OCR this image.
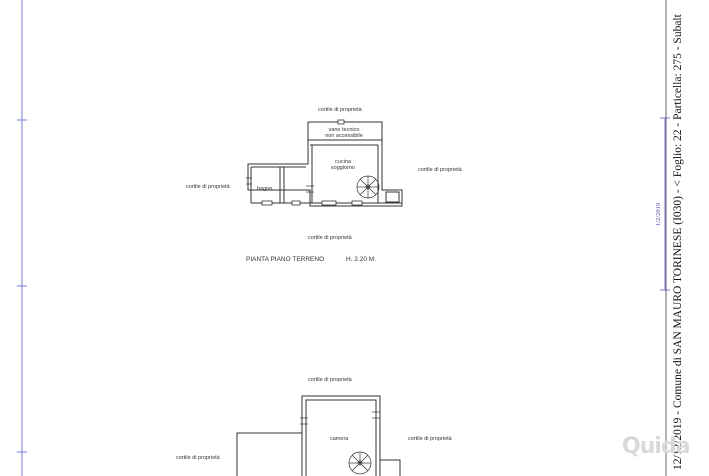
cortile di proprietà
cortile di proprietà
cortile di proprietà
cortile di proprietà
vano tecnico
non accessibile
cucina
soggiorno
bagno
PIANTA PIANO TERRENO	H. 2.20 M.
cortile di proprietà
cortile di proprietà
cortile di proprietà
camera
1/2/2019 12/12/2019 - Comune di SAN MAURO TORINESE (I030) - < Foglio: 22 - Particella: 275 - Subalt
Quida
